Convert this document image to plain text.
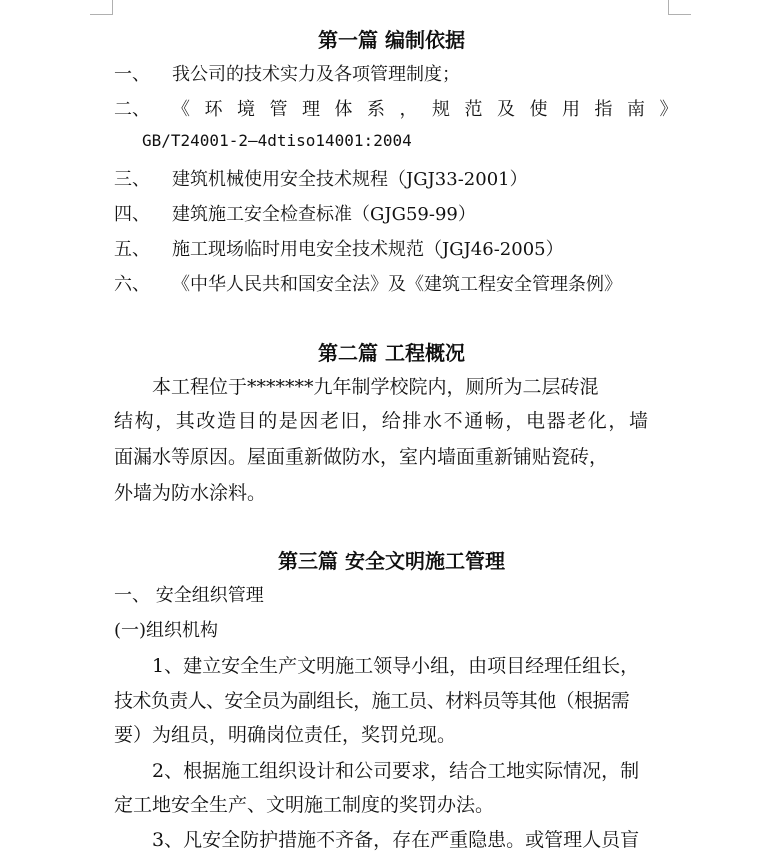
第一篇 编制依据
一、 我公司的技术实力及各项管理制度；
二、 《环境管理体系，规范及使用指南》
GB/T24001-2—4dtiso14001:2004
三、 建筑机械使用安全技术规程（JGJ33-2001）
四、 建筑施工安全检查标准（GJG59-99）
五、 施工现场临时用电安全技术规范（JGJ46-2005）
六、 《中华人民共和国安全法》及《建筑工程安全管理条例》
第二篇 工程概况
本工程位于*******九年制学校院内，厕所为二层砖混
结构，其改造目的是因老旧，给排水不通畅，电器老化，墙
面漏水等原因。屋面重新做防水，室内墙面重新铺贴瓷砖，
外墙为防水涂料。
第三篇 安全文明施工管理
一、 安全组织管理
(一)组织机构
1、建立安全生产文明施工领导小组，由项目经理任组长，
技术负责人、安全员为副组长，施工员、材料员等其他（根据需
要）为组员，明确岗位责任，奖罚兑现。
2、根据施工组织设计和公司要求，结合工地实际情况，制
定工地安全生产、文明施工制度的奖罚办法。
3、凡安全防护措施不齐备，存在严重隐患。或管理人员盲
